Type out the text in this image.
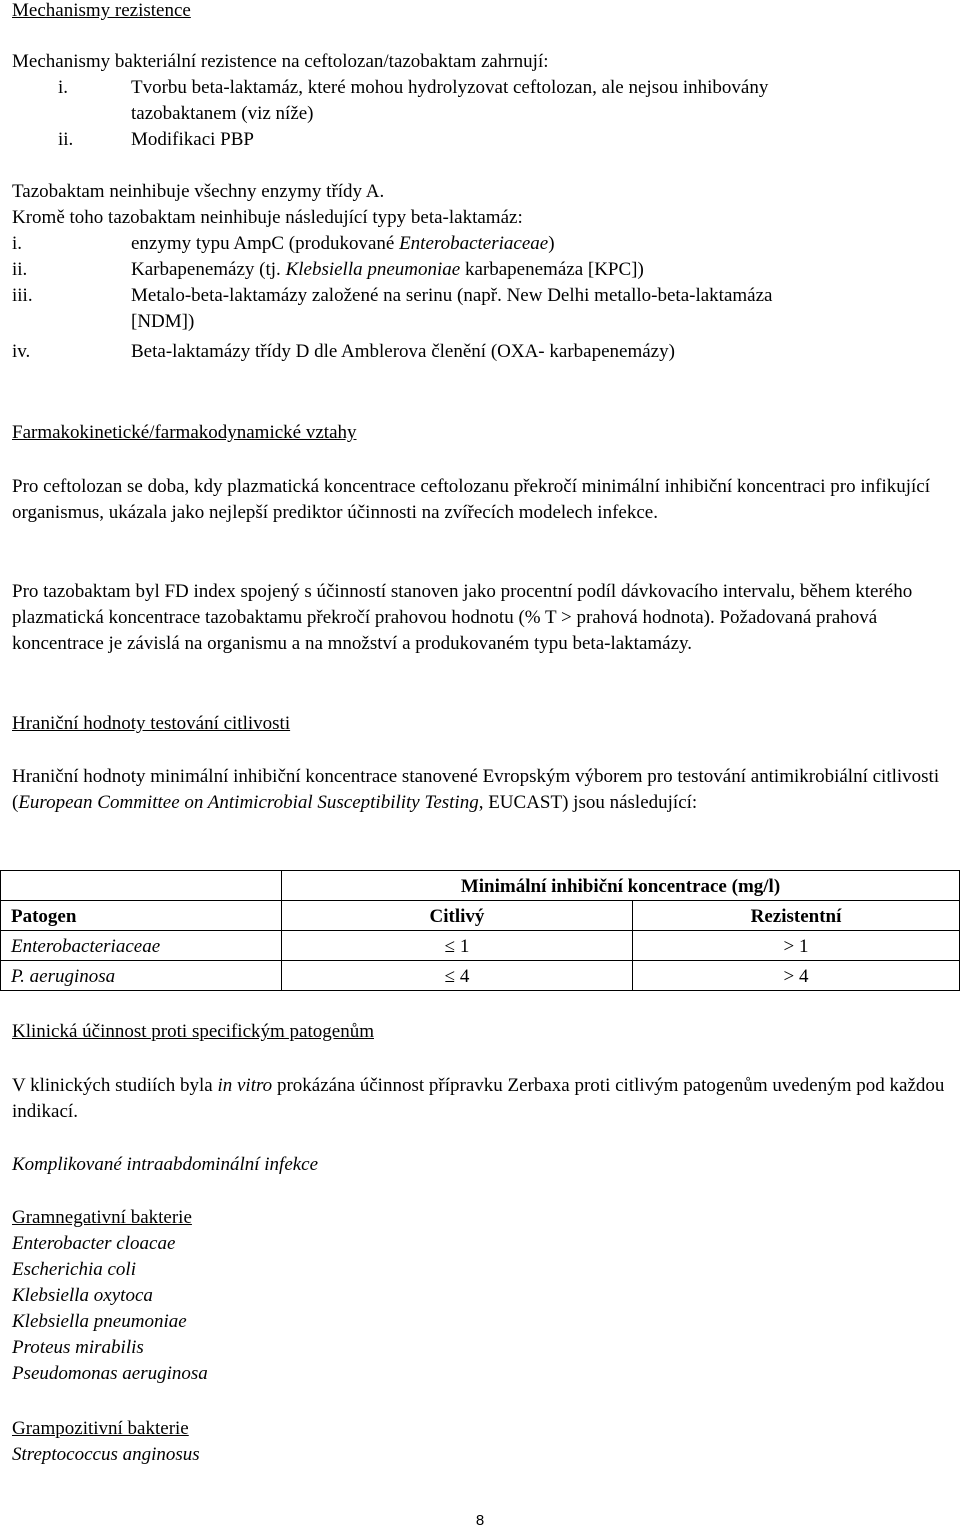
Mechanismy rezistence
Mechanismy bakteriální rezistence na ceftolozan/tazobaktam zahrnují:
i.	Tvorbu beta-laktamáz, které mohou hydrolyzovat ceftolozan, ale nejsou inhibovány
tazobaktanem (viz níže)
ii.	Modifikaci PBP
Tazobaktam neinhibuje všechny enzymy třídy A.
Kromě toho tazobaktam neinhibuje následující typy beta-laktamáz:
i.	enzymy typu AmpC (produkované Enterobacteriaceae)
ii.	Karbapenemázy (tj. Klebsiella pneumoniae karbapenemáza [KPC])
iii.	Metalo-beta-laktamázy založené na serinu (např. New Delhi metallo-beta-laktamáza
[NDM])
iv.	Beta-laktamázy třídy D dle Amblerova členění (OXA- karbapenemázy)
Farmakokinetické/farmakodynamické vztahy
Pro ceftolozan se doba, kdy plazmatická koncentrace ceftolozanu překročí minimální inhibiční koncentraci pro infikující organismus, ukázala jako nejlepší prediktor účinnosti na zvířecích modelech infekce.
Pro tazobaktam byl FD index spojený s účinností stanoven jako procentní podíl dávkovacího intervalu, během kterého plazmatická koncentrace tazobaktamu překročí prahovou hodnotu (% T > prahová hodnota). Požadovaná prahová koncentrace je závislá na organismu a na množství a produkovaném typu beta-laktamázy.
Hraniční hodnoty testování citlivosti
Hraniční hodnoty minimální inhibiční koncentrace stanovené Evropským výborem pro testování antimikrobiální citlivosti (European Committee on Antimicrobial Susceptibility Testing, EUCAST) jsou následující:
	Minimální inhibiční koncentrace (mg/l)	
Patogen	Citlivý	Rezistentní
Enterobacteriaceae	≤ 1	> 1
P. aeruginosa	≤ 4	> 4
Klinická účinnost proti specifickým patogenům
V klinických studiích byla in vitro prokázána účinnost přípravku Zerbaxa proti citlivým patogenům uvedeným pod každou indikací.
Komplikované intraabdominální infekce
Gramnegativní bakterie
Enterobacter cloacae
Escherichia coli
Klebsiella oxytoca
Klebsiella pneumoniae
Proteus mirabilis
Pseudomonas aeruginosa
Grampozitivní bakterie
Streptococcus anginosus
8
